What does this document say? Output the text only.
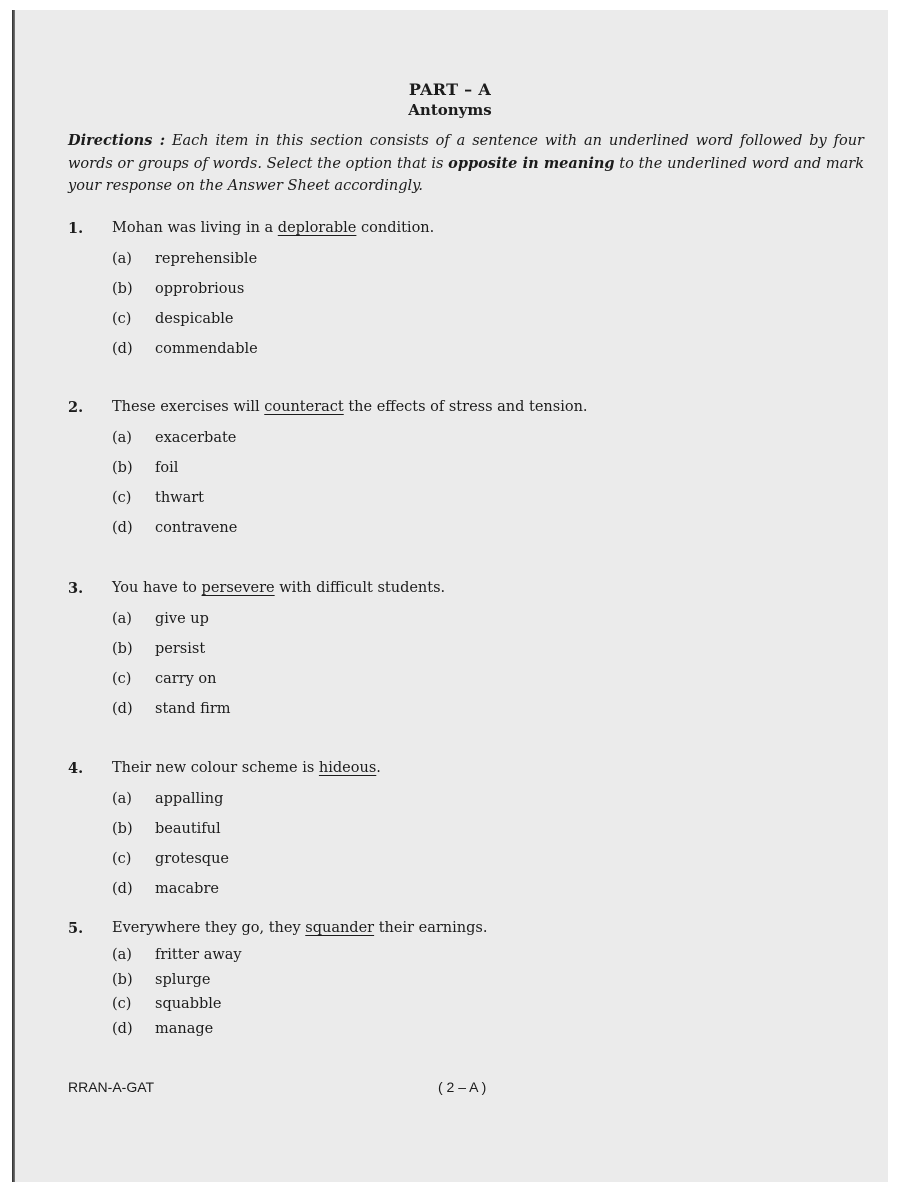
PART – A
Antonyms
Directions : Each item in this section consists of a sentence with an underlined word followed by four words or groups of words. Select the option that is opposite in meaning to the underlined word and mark your response on the Answer Sheet accordingly.
1. Mohan was living in a deplorable condition.
(a) reprehensible
(b) opprobrious
(c) despicable
(d) commendable
2. These exercises will counteract the effects of stress and tension.
(a) exacerbate
(b) foil
(c) thwart
(d) contravene
3. You have to persevere with difficult students.
(a) give up
(b) persist
(c) carry on
(d) stand firm
4. Their new colour scheme is hideous.
(a) appalling
(b) beautiful
(c) grotesque
(d) macabre
5. Everywhere they go, they squander their earnings.
(a) fritter away
(b) splurge
(c) squabble
(d) manage
RRAN-A-GAT	( 2 – A )
